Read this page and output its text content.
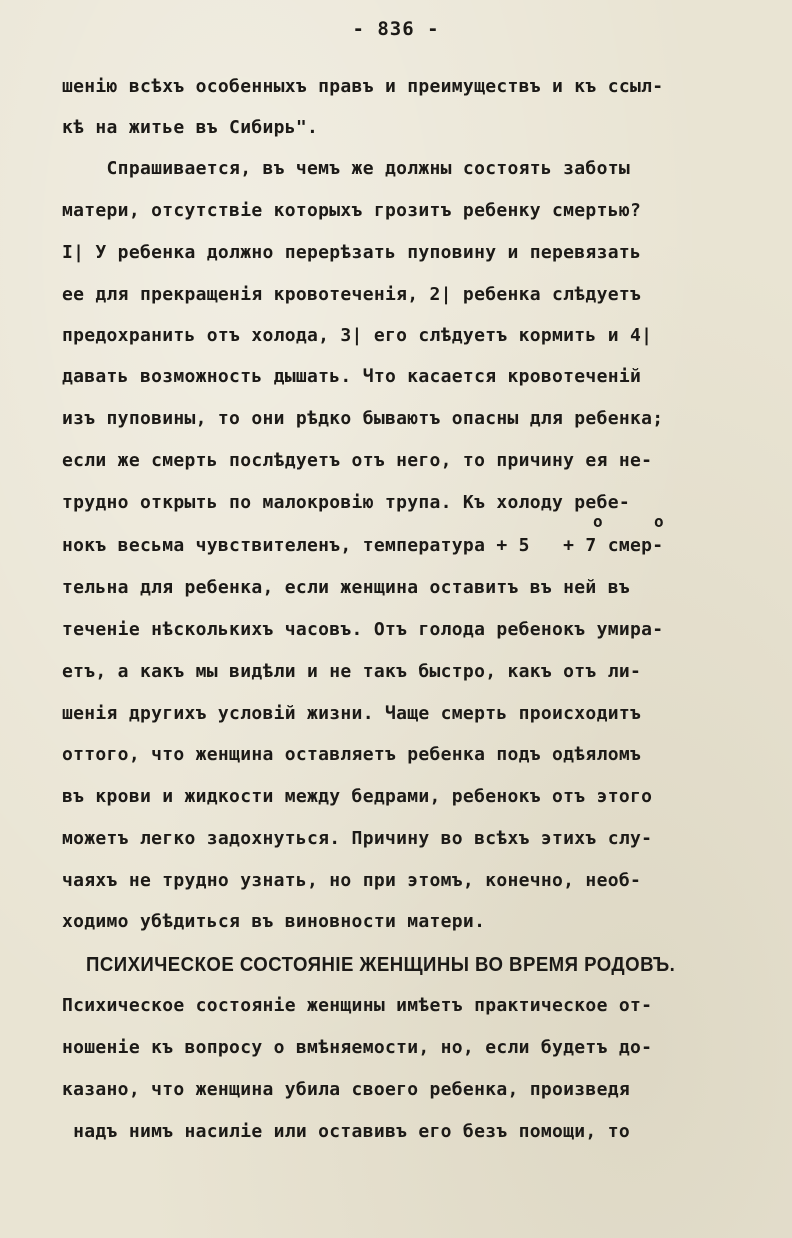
- 836 -
шенію всѣхъ особенныхъ правъ и преимуществъ и къ ссыл-
кѣ на житье въ Сибирь".
Спрашивается, въ чемъ же должны состоять заботы
матери, отсутствіе которыхъ грозитъ ребенку смертью?
І| У ребенка должно перерѣзать пуповину и перевязать
ее для прекращенія кровотеченія, 2| ребенка слѣдуетъ
предохранить отъ холода, 3| его слѣдуетъ кормить и 4|
давать возможность дышать. Что касается кровотеченій
изъ пуповины, то они рѣдко бываютъ опасны для ребенка;
если же смерть послѣдуетъ отъ него, то причину ея не-
трудно открыть по малокровію трупа. Къ холоду ребе-
о	о
нокъ весьма чувствителенъ, температура + 5   + 7 смер-
тельна для ребенка, если женщина оставитъ въ ней въ
теченіе нѣсколькихъ часовъ. Отъ голода ребенокъ умира-
етъ, а какъ мы видѣли и не такъ быстро, какъ отъ ли-
шенія другихъ условій жизни. Чаще смерть происходитъ
оттого, что женщина оставляетъ ребенка подъ одѣяломъ
въ крови и жидкости между бедрами, ребенокъ отъ этого
можетъ легко задохнуться. Причину во всѣхъ этихъ слу-
чаяхъ не трудно узнать, но при этомъ, конечно, необ-
ходимо убѣдиться въ виновности матери.
ПСИХИЧЕСКОЕ СОСТОЯНІЕ ЖЕНЩИНЫ ВО ВРЕМЯ РОДОВЪ.
Психическое состояніе женщины имѣетъ практическое от-
ношеніе къ вопросу о вмѣняемости, но, если будетъ до-
казано, что женщина убила своего ребенка, произведя
надъ нимъ насиліе или оставивъ его безъ помощи, то
